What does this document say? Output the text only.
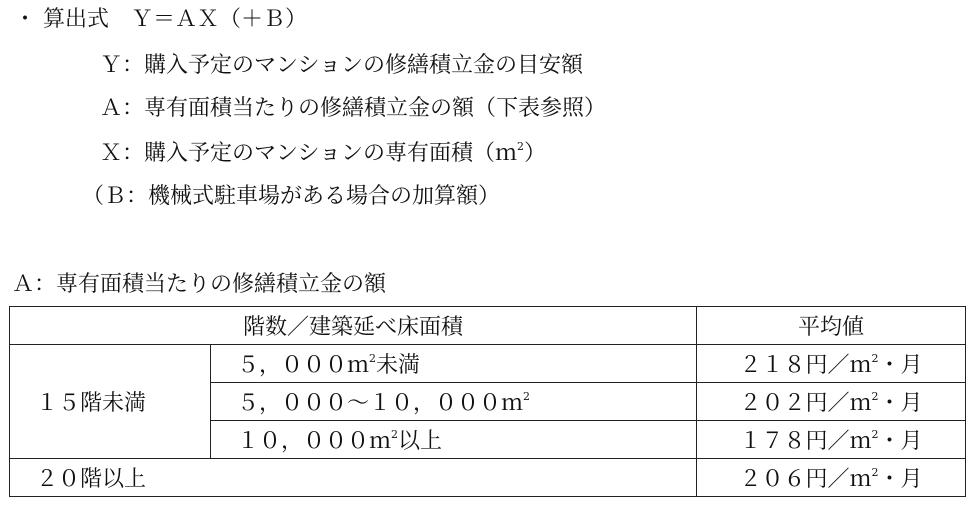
・ 算出式　Ｙ＝ＡＸ（＋Ｂ）
Ｙ：購入予定のマンションの修繕積立金の目安額
Ａ：専有面積当たりの修繕積立金の額（下表参照）
Ｘ：購入予定のマンションの専有面積（ｍ$^2$）
（Ｂ：機械式駐車場がある場合の加算額）
Ａ：専有面積当たりの修繕積立金の額
階数／建築延べ床面積		平均値
１５階未満	５，０００ｍ$^2$未満	２１８円／ｍ$^2$・月
	５，０００～１０，０００ｍ$^2$	２０２円／ｍ$^2$・月
	１０，０００ｍ$^2$以上	１７８円／ｍ$^2$・月
２０階以上		２０６円／ｍ$^2$・月
